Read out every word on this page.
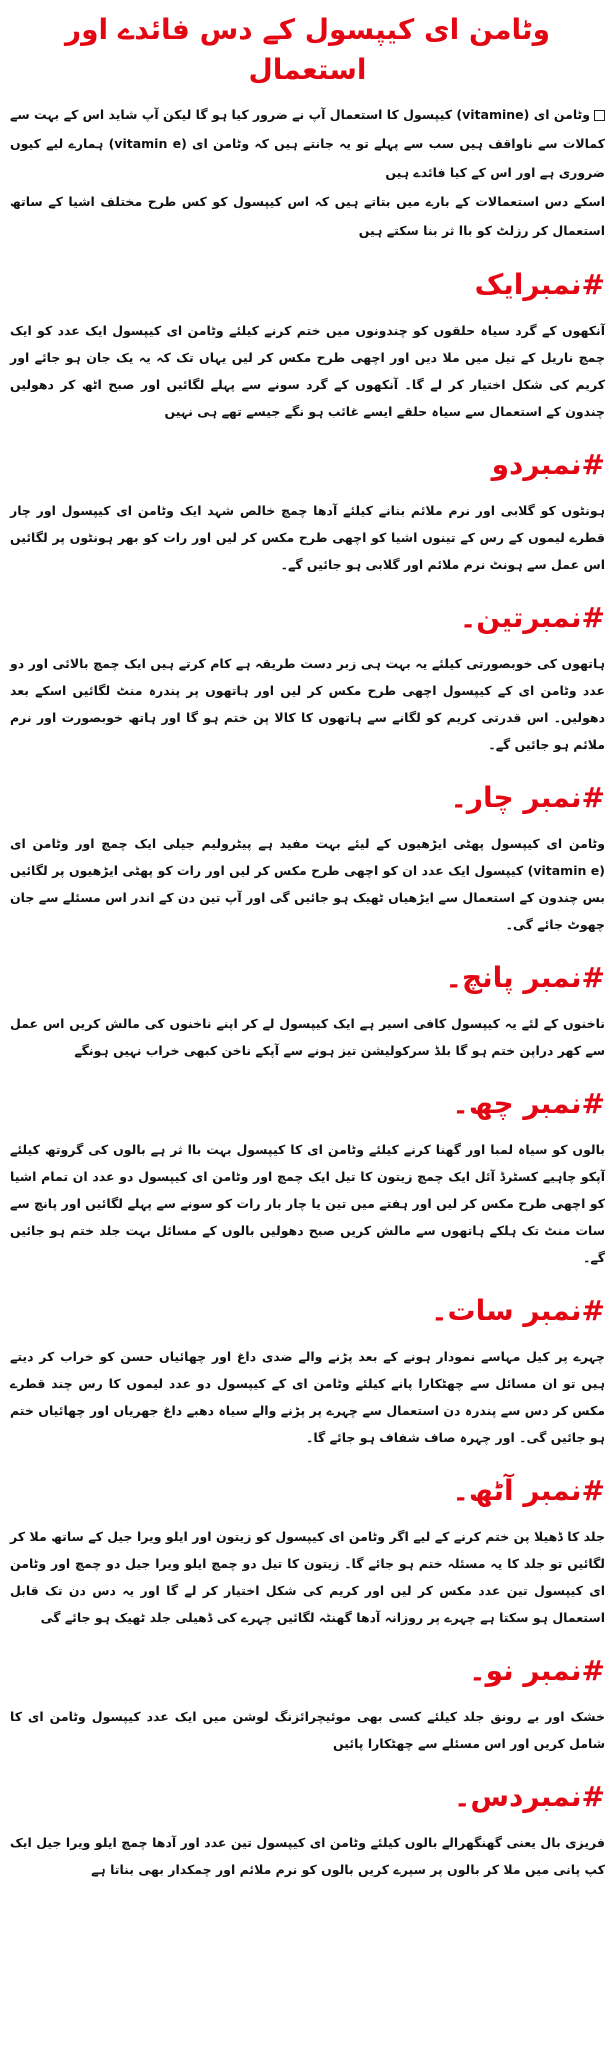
وٹامن ای کیپسول کے دس فائدے اور استعمال

وٹامن ای (vitamine) کیپسول کا استعمال آپ نے ضرور کیا ہو گا لیکن آپ شاید اس کے بہت سے کمالات سے ناواقف ہیں سب سے پہلے تو یہ جانتے ہیں کہ وٹامن ای (vitamin e) ہمارے لیے کیوں ضروری ہے اور اس کے کیا فائدے ہیں

اسکے دس استعمالات کے بارے میں بتاتے ہیں کہ اس کیپسول کو کس طرح مختلف اشیا کے ساتھ استعمال کر رزلٹ کو باا ثر بنا سکتے ہیں

#نمبرایک

آنکھوں کے گرد سیاہ حلقوں کو چندونوں میں ختم کرنے کیلئے وٹامن ای کیپسول ایک عدد کو ایک چمچ ناریل کے تیل میں ملا دیں اور اچھی طرح مکس کر لیں یہاں تک کہ یہ یک جان ہو جائے اور کریم کی شکل اختیار کر لے گا۔ آنکھوں کے گرد سونے سے پہلے لگائیں اور صبح اٹھ کر دھولیں چندون کے استعمال سے سیاہ حلقے ایسے غائب ہو نگے جیسے تھے ہی نہیں

#نمبردو

ہونٹوں کو گلابی اور نرم ملائم بنانے کیلئے آدھا چمچ خالص شہد ایک وٹامن ای کیپسول اور چار قطرے لیموں کے رس کے تینوں اشیا کو اچھی طرح مکس کر لیں اور رات کو بھر ہونٹوں پر لگائیں اس عمل سے ہونٹ نرم ملائم اور گلابی ہو جائیں گے۔

#نمبرتین۔

ہاتھوں کی خوبصورتی کیلئے یہ بہت ہی زبر دست طریقہ ہے کام کرتے ہیں ایک چمچ بالائی اور دو عدد وٹامن ای کے کیپسول اچھی طرح مکس کر لیں اور ہاتھوں پر پندرہ منٹ لگائیں اسکے بعد دھولیں۔ اس قدرتی کریم کو لگانے سے ہاتھوں کا کالا پن ختم ہو گا اور ہاتھ خوبصورت اور نرم ملائم ہو جائیں گے۔

#نمبر چار۔

وٹامن ای کیپسول پھٹی ایڑھیوں کے لیئے بہت مفید ہے پیٹرولیم جیلی ایک چمچ اور وٹامن ای (vitamin e) کیپسول ایک عدد ان کو اچھی طرح مکس کر لیں اور رات کو پھٹی ایڑھیوں پر لگائیں بس چندون کے استعمال سے ایڑھیاں ٹھیک ہو جائیں گی اور آپ تین دن کے اندر اس مسئلے سے جان چھوٹ جائے گی۔

#نمبر پانچ۔

ناخنوں کے لئے یہ کیپسول کافی اسیر ہے ایک کیپسول لے کر اپنے ناخنوں کی مالش کریں اس عمل سے کھر دراپن ختم ہو گا بلڈ سرکولیشن تیز ہونے سے آپکے ناخن کبھی خراب نہیں ہونگے

#نمبر چھ۔

بالوں کو سیاہ لمبا اور گھنا کرنے کیلئے وٹامن ای کا کیپسول بہت باا ثر ہے بالوں کی گروتھ کیلئے آپکو چاہیے کسٹرڈ آئل ایک چمچ زیتون کا تیل ایک چمچ اور وٹامن ای کیپسول دو عدد ان تمام اشیا کو اچھی طرح مکس کر لیں اور ہفتے میں تین یا چار بار رات کو سونے سے پہلے لگائیں اور پانچ سے سات منٹ تک ہلکے ہاتھوں سے مالش کریں صبح دھولیں بالوں کے مسائل بہت جلد ختم ہو جائیں گے۔

#نمبر سات۔

چہرے پر کیل مہاسے نمودار ہونے کے بعد پڑنے والے ضدی داغ اور چھائیاں حسن کو خراب کر دیتے ہیں تو ان مسائل سے چھٹکارا پانے کیلئے وٹامن ای کے کیپسول دو عدد لیموں کا رس چند قطرے مکس کر دس سے پندرہ دن استعمال سے چہرے پر پڑنے والے سیاہ دھبے داغ جھریاں اور چھائیاں ختم ہو جائیں گی۔ اور چہرہ صاف شفاف ہو جائے گا۔

#نمبر آٹھ۔

جلد کا ڈھیلا پن ختم کرنے کے لیے اگر وٹامن ای کیپسول کو زیتون اور ایلو ویرا جیل کے ساتھ ملا کر لگائیں تو جلد کا یہ مسئلہ ختم ہو جائے گا۔ زیتون کا تیل دو چمچ ایلو ویرا جیل دو چمچ اور وٹامن ای کیپسول تین عدد مکس کر لیں اور کریم کی شکل اختیار کر لے گا اور یہ دس دن تک قابل استعمال ہو سکتا ہے چہرے پر روزانہ آدھا گھنٹہ لگائیں چہرے کی ڈھیلی جلد ٹھیک ہو جائے گی

#نمبر نو۔

خشک اور بے رونق جلد کیلئے کسی بھی موئیچرائزنگ لوشن میں ایک عدد کیپسول وٹامن ای کا شامل کریں اور اس مسئلے سے چھٹکارا پائیں

#نمبردس۔

فریزی بال یعنی گھنگھرالے بالوں کیلئے وٹامن ای کیپسول تین عدد اور آدھا چمچ ایلو ویرا جیل ایک کپ پانی میں ملا کر بالوں پر سپرے کریں بالوں کو نرم ملائم اور چمکدار بھی بناتا ہے
